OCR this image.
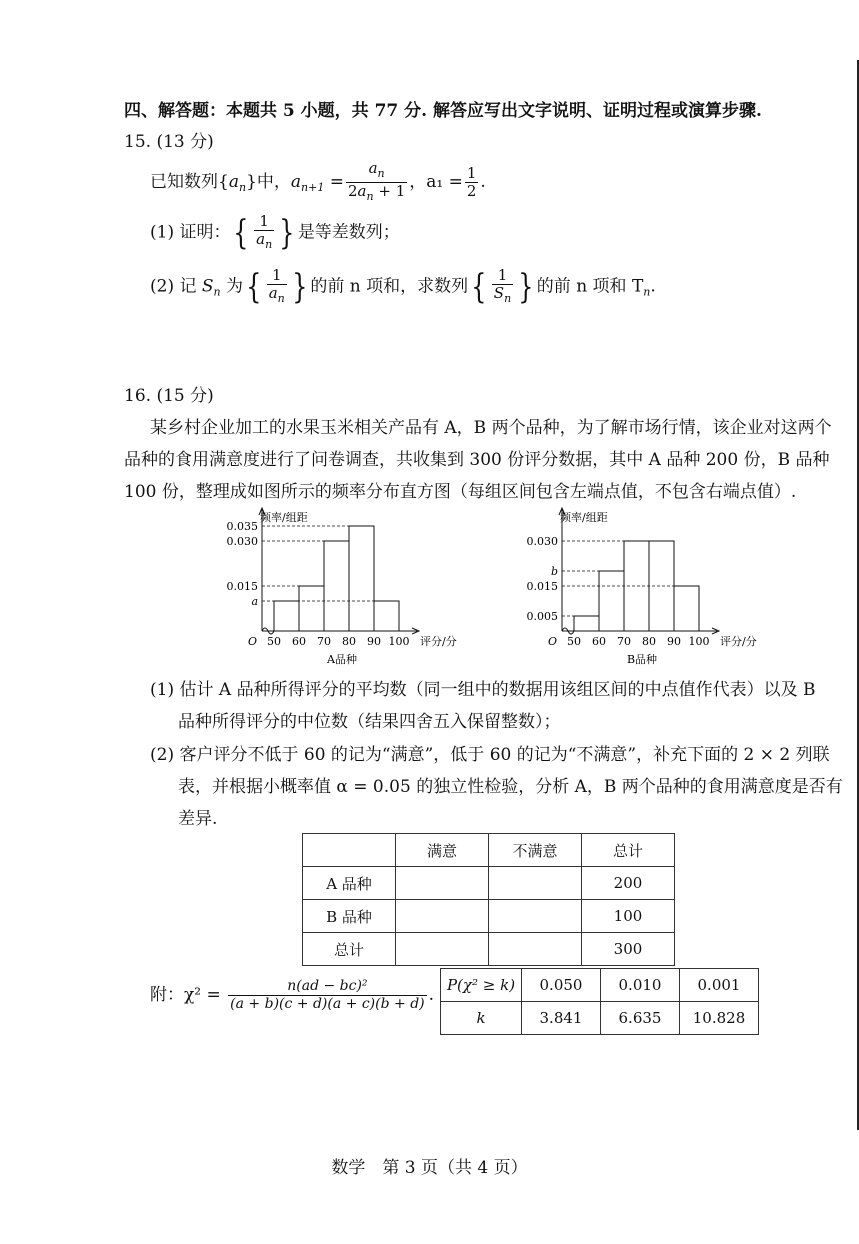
四、解答题：本题共 5 小题，共 77 分. 解答应写出文字说明、证明过程或演算步骤.
15. (13 分)
已知数列$\{a_n\}$中，$a_{n+1} = \frac{a_n}{2a_n + 1}$ ，$a_1 = \frac{1}{2}$ .
(1) 证明：{ $\frac{1}{a_n}$ } 是等差数列；
(2) 记 $S_n$ 为{ $\frac{1}{a_n}$ } 的前 n 项和，求数列{ $\frac{1}{S_n}$ } 的前 n 项和 $T_n$.
16. (15 分)
某乡村企业加工的水果玉米相关产品有 A，B 两个品种，为了解市场行情，该企业对这两个
品种的食用满意度进行了问卷调查，共收集到 300 份评分数据，其中 A 品种 200 份，B 品种
100 份，整理成如图所示的频率分布直方图（每组区间包含左端点值，不包含右端点值）.
0.035
0.030
0.015
a
50 60 70 80 90 100
O	评分/分
频率/组距
A品种
0.030
b
0.015
0.005
50 60 70 80 90 100
O	评分/分
频率/组距
B品种
(1) 估计 A 品种所得评分的平均数（同一组中的数据用该组区间的中点值作代表）以及 B
品种所得评分的中位数（结果四舍五入保留整数）；
(2) 客户评分不低于 60 的记为“满意”，低于 60 的记为“不满意”，补充下面的 2 × 2 列联
表，并根据小概率值 α = 0.05 的独立性检验，分析 A，B 两个品种的食用满意度是否有
差异.
	满意	不满意	总计
A 品种			200
B 品种			100
总计			300
附：$\chi^2 = \frac{\text{n(ad − bc)²}}{(a + b)(c + d)(a + c)(b + d)}$ . P(χ² ≥ k)	0.050	0.010	0.001
k	3.841	6.635	10.828
数学　第 3 页（共 4 页）
